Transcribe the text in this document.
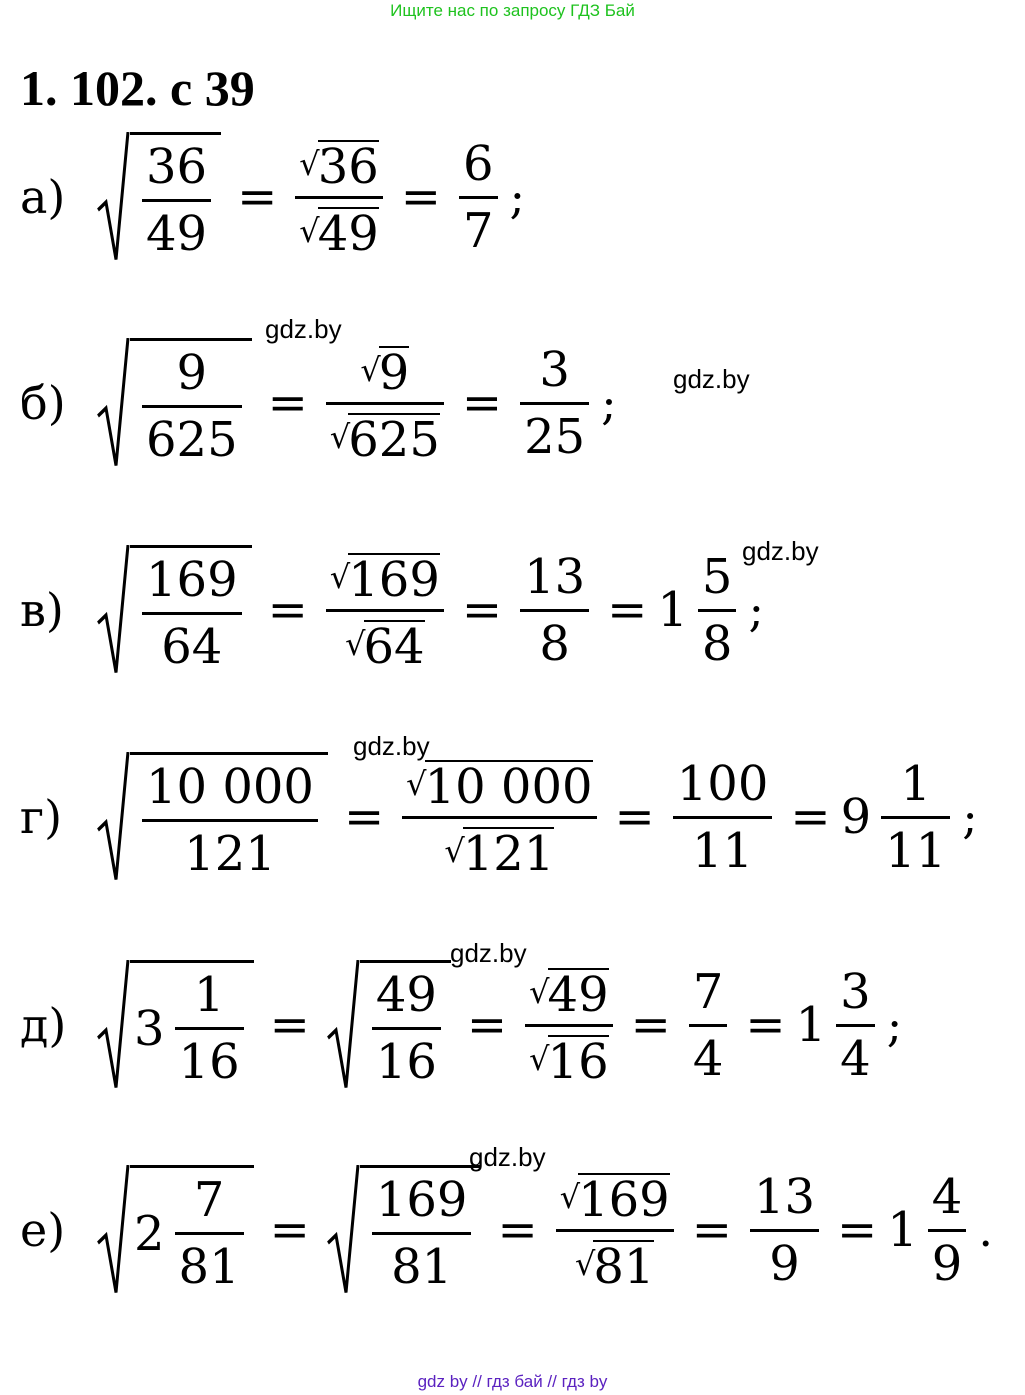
Ищите нас по запросу ГДЗ Бай
1. 102. с 39
gdz.by
gdz.by
gdz.by
gdz.by
gdz.by
gdz.by
а)	$\frac{36}{49}$ = √
36
√
$49 = \frac{6}{7}$ ;
б)	$\frac{9}{625}$ = √
9
√
$625 = \frac{3}{25}$ ;
в)	$\frac{169}{64}$ = √
169
√
$64 = \frac{13}{8} = 1 \frac{5}{8}$ ;
г)	$\frac{10 000}{121}$ = √
10 000
√
$121 = \frac{100}{11} = 9 \frac{1}{11}$ ;
д)	$3 \frac{1}{16} = \frac{49}{16}$ = √
49
√
$16 = \frac{7}{4} = 1 \frac{3}{4}$ ;
е)	$2 \frac{7}{81} = \frac{169}{81}$ = √
169
√
$81 = \frac{13}{9} = 1 \frac{4}{9}$ .
gdz by // гдз бай // гдз by
